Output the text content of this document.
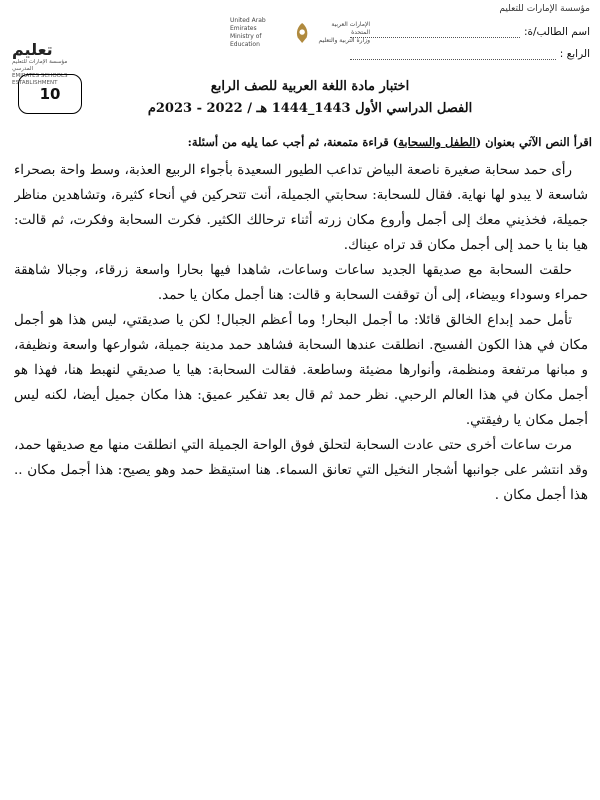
مؤسسة الإمارات للتعليم
اسم الطالب/ة:
الرابع :
United Arab Emirates
Ministry of Education
الإمارات العربية المتحدة
وزارة التربية والتعليم
تعليم
مؤسسة الإمارات للتعليم المدرسي
EMIRATES SCHOOLS ESTABLISHMENT
10	اختبار مادة اللغة العربية للصف الرابع
الفصل الدراسي الأول 1443_1444 هـ / 2022 - 2023م
اقرأ النص الآتي بعنوان (الطفل والسحابة) قراءة متمعنة، ثم أجب عما يليه من أسئلة:

رأى حمد سحابة صغيرة ناصعة البياض تداعب الطيور السعيدة بأجواء الربيع العذبة، وسط واحة بصحراء شاسعة لا يبدو لها نهاية. فقال للسحابة: سحابتي الجميلة، أنت تتحركين في أنحاء كثيرة، وتشاهدين مناظر جميلة، فخذيني معك إلى أجمل وأروع مكان زرته أثناء ترحالك الكثير. فكرت السحابة وفكرت، ثم قالت: هيا بنا يا حمد إلى أجمل مكان قد تراه عيناك.

حلقت السحابة مع صديقها الجديد ساعات وساعات، شاهدا فيها بحارا واسعة زرقاء، وجبالا شاهقة حمراء وسوداء وبيضاء، إلى أن توقفت السحابة و قالت: هنا أجمل مكان يا حمد.

تأمل حمد إبداع الخالق قائلا: ما أجمل البحار! وما أعظم الجبال! لكن يا صديقتي، ليس هذا هو أجمل مكان في هذا الكون الفسيح. انطلقت عندها السحابة فشاهد حمد مدينة جميلة، شوارعها واسعة ونظيفة، و مبانها مرتفعة ومنظمة، وأنوارها مضيئة وساطعة. فقالت السحابة: هيا يا صديقي لنهبط هنا، فهذا هو أجمل مكان في هذا العالم الرحبي. نظر حمد ثم قال بعد تفكير عميق: هذا مكان جميل أيضا، لكنه ليس أجمل مكان يا رفيقتي.

مرت ساعات أخرى حتى عادت السحابة لتحلق فوق الواحة الجميلة التي انطلقت منها مع صديقها حمد، وقد انتشر على جوانبها أشجار النخيل التي تعانق السماء. هنا استيقظ حمد وهو يصيح: هذا أجمل مكان .. هذا أجمل مكان .
